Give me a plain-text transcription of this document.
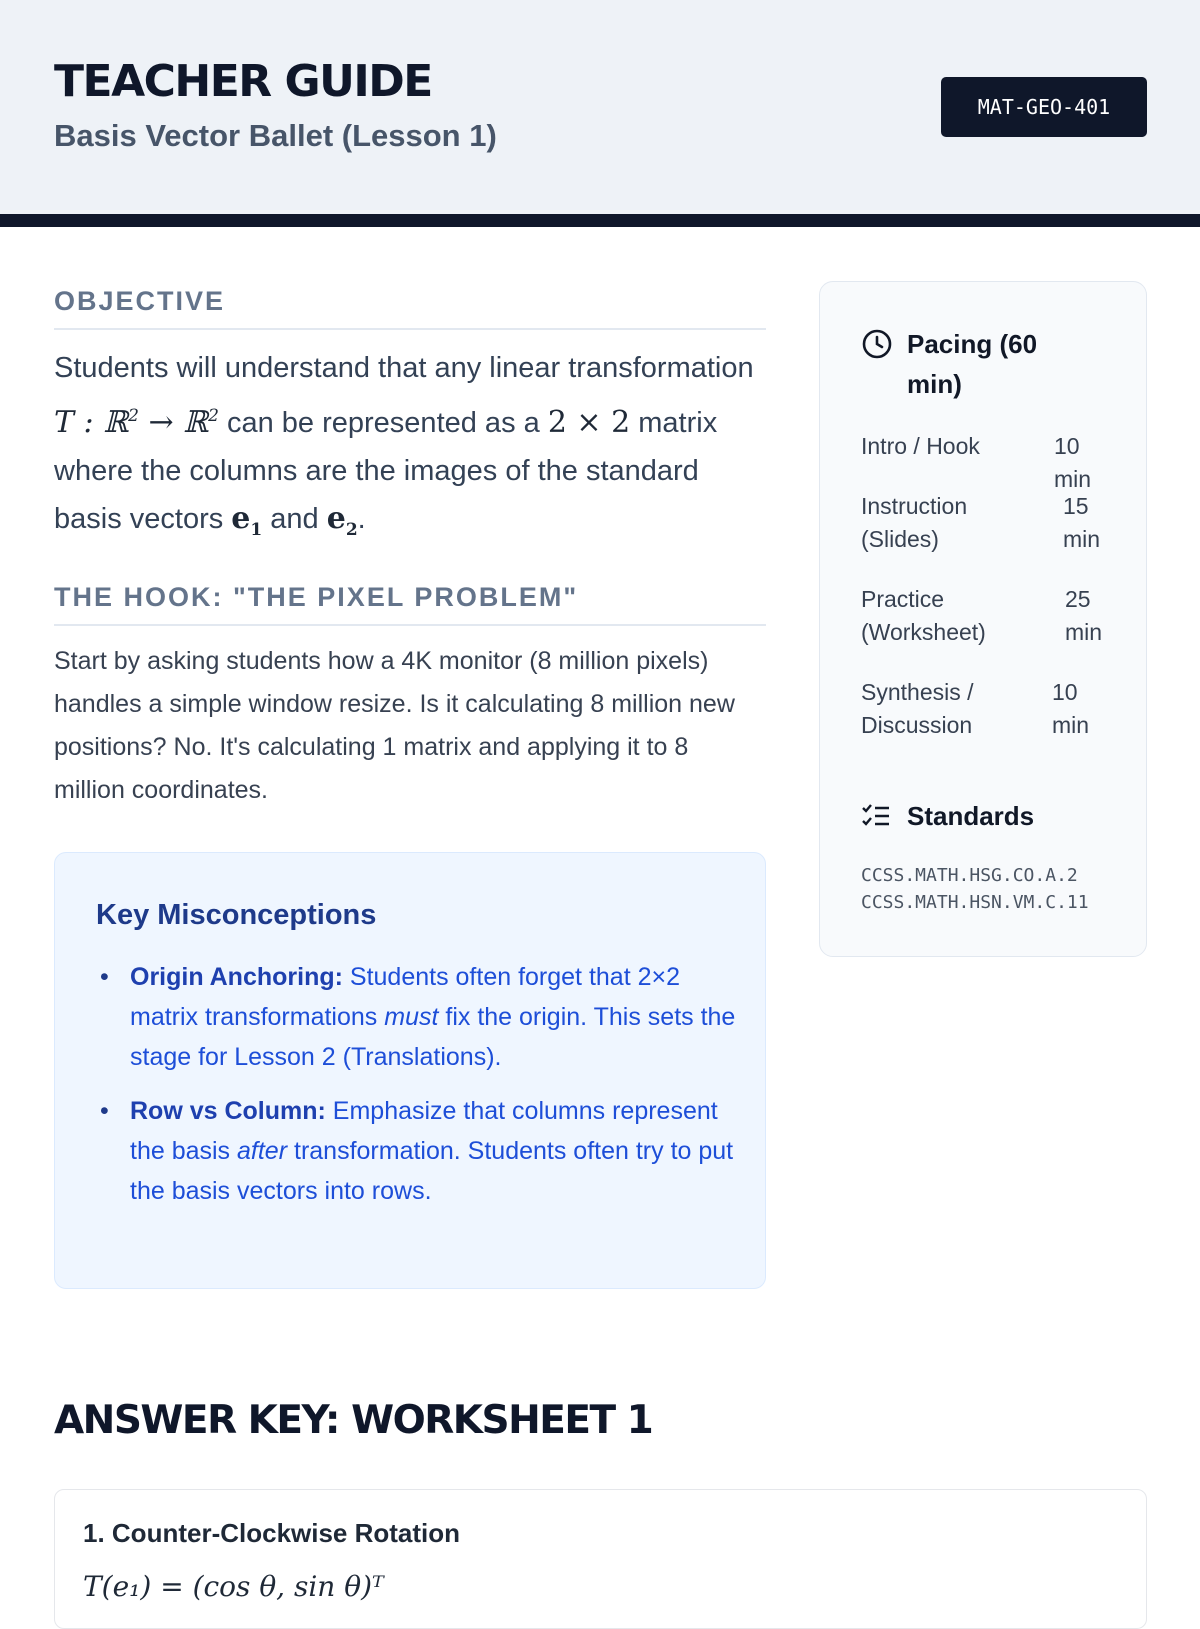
TEACHER GUIDE
Basis Vector Ballet (Lesson 1)
MAT-GEO-401
OBJECTIVE

Students will understand that any linear transformation T : ℝ$^2$ → ℝ$^2$ can be represented as a 2 × 2 matrix where the columns are the images of the standard basis vectors $e_1$ and $e_2$.

THE HOOK: "THE PIXEL PROBLEM"

Start by asking students how a 4K monitor (8 million pixels) handles a simple window resize. Is it calculating 8 million new positions? No. It's calculating 1 matrix and applying it to 8 million coordinates.

Key Misconceptions
• Origin Anchoring: Students often forget that 2×2 matrix transformations must fix the origin. This sets the stage for Lesson 2 (Translations).
• Row vs Column: Emphasize that columns represent the basis after transformation. Students often try to put the basis vectors into rows.
Pacing (60 min)
Intro / Hook	10 min
Instruction (Slides)
15 min
Practice (Worksheet)
25 min
Synthesis / Discussion
10 min
Standards
CCSS.MATH.HSG.CO.A.2
CCSS.MATH.HSN.VM.C.11
ANSWER KEY: WORKSHEET 1
1. Counter-Clockwise Rotation
T(e₁) = (cos θ, sin θ)ᵀ
